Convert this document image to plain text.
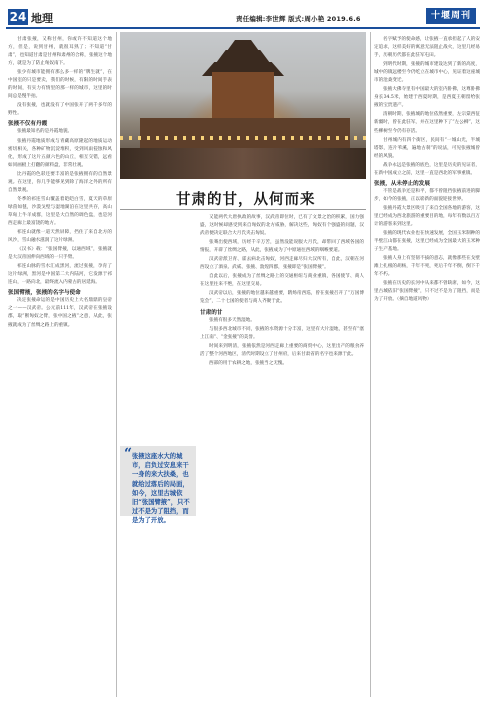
24 地理	责任编辑:李世辉 版式:周小艳 2019.6.6	十堰周刊

甘肃张掖，又称甘州，你或许不知道这个地方，但是，说到甘州，就很耳熟了；不知道“甘肃”，也知道甘肃是甘州和肃州的合称，张掖这个地方，就是为了防止匈奴南下。

张少有城市能拥有那么多一样的“牌生就”，在中国室的只是要卖，我们的时候，有限的时间手表的时间，有实力有情里的那一样的城市，这里的时间总是慢半拍。

没有张掖，也就没有了中国张开了两千多年的野性。

张掖不仅有丹霞

张掖最知名的是丹霞地貌。

张掖丹霞地质形成与青藏高原隆起的地质运动密切相关，各种矿物沉淀堆积，受到风雨侵蚀和风化，形成了这片五颜六色的山丘，相互交错，远看如同画板上打翻的颜料盘，非常壮观。

比丹霞的色彩还要丰富的是张掖拥有的自然景观。在这里，你几乎能够见到除了海洋之外的所有自然景观。

冬季的祁连雪山覆盖着皑皑白雪，夏天的草原绿茵如毯，沙漠戈壁与湿地湖泊在这里共存，高山草甸上牛羊成群，这里是大自然的调色盘，也是河西走廊上最富饶的地方。

祁连山就像一道天然屏障，挡住了来自北方的风沙，雪山融水滋润了这片绿洲。

《汉书》载：“张国臂掖，以通西域”，张掖就是大汉帝国伸向西域的一只手臂。

祁连山脉的雪水汇成黑河，流过张掖，孕育了这片绿洲，黑河是中国第二大内陆河，它发源于祁连山，一路向北，最终流入内蒙古的居延海。

张国臂掖，张掖的名字与使命

决定张掖命运的是中国历史上大名鼎鼎的皇帝之一——汉武帝。公元前111年，汉武帝在张掖设郡，取“断匈奴之臂，张中国之掖”之意，从此，张掖就成为了丝绸之路上的重镇。

甘肃的甘，从何而来

又能两代大唐执政的故事，汉武帝即位时，已有了文景之治的积累，国力强盛，这时候却感受到来自匈奴的北方威胁，解决这些，匈奴有个强盛的问题，汉武帝便决定联合大月氏夹击匈奴。

张骞出使西域，历经千辛万苦，虽然没能说服大月氏，却带回了西域各国的情报，开辟了丝绸之路，从此，张掖成为了中原通往西域的咽喉要道。

汉武帝派卫青、霍去病北击匈奴，河西走廊尽归大汉所有，自此，汉朝在河西设立了酒泉、武威、张掖、敦煌四郡，张掖即是“张国臂掖”。

自此以后，张掖成为了丝绸之路上的交通枢纽与商业重镇，各国使节、商人在这里往来不绝，在这里交易。

汉武帝以后，张掖的地位越来越重要，隋炀帝西巡，曾在张掖召开了“万国博览会”，二十七国的使者与商人齐聚于此。

甘肃的甘

张掖有很多天然湿地。

与很多西北城市不同，张掖的水资源十分丰富，这里有大片湿地，甚至有“塞上江南”、“金张掖”的美誉。

时间来到明清，张掖依然是河西走廊上重要的商贸中心，这里出产的粮食养活了整个河西地区，清代时期设立了甘州府，后来甘肃省的名字也来源于此。

西部的用于农耕之地，张掖当之无愧。

“ 张掖这座水大的城市，启负过安息来干一身的来大扶桑，也就给过落后的局面，如今，这里古城依旧“张国臂掖”，只不过不是为了阻挡，而是为了开放。

名字赋予的使命感，让张掖一直承担起了人的安定追求，这样美好的寓意无法阻止战火，这里几经易手，历朝历代都在此驻军屯田。

到明代时期，张掖的城市建设达到了新的高度，城中的镇远楼至今仍屹立在城市中心，见证着这座城市的沧桑变迁。

张掖大佛寺里有中国最大的室内卧佛，这尊卧佛身长34.5米，始建于西夏时期，是西夏王朝留给张掖的宝贵遗产。

清朝时期，张掖城的地位依然重要，左宗棠西征新疆时，曾在此驻军，并在这里种下了“左公柳”，这些柳树至今仍有存活。

甘州城内有四个街区，民间有“一城山光，半城塔影，连片苇溪，遍地古刹”的说法，可见张掖城曾经的风貌。

战争永远是张掖的底色，这里是历史的见证者，在新中国成立之前，这里一直是西北的军事重镇。

张掖，从未停止的发展

不管是战争还是和平，都不曾阻挡张掖前进的脚步，如今的张掖，正以崭新的面貌迎接世界。

张掖丹霞大景区吸引了来自全国各地的游客，这里已经成为西北旅游的重要目的地，每年有数以百万计的游客来到这里。

张掖的现代农业也在快速发展，全国玉米制种的半壁江山都在张掖，这里已经成为全国最大的玉米种子生产基地。

张掖人身上有坚韧不拔的意志，就像那些在戈壁滩上扎根的胡杨，千年不死，死后千年不倒，倒下千年不朽。

张掖在历史的长河中从来都不曾缺席，如今，这里古城依旧“张国臂掖”，只不过不是为了阻挡，而是为了开放。（摘自地道风物）
